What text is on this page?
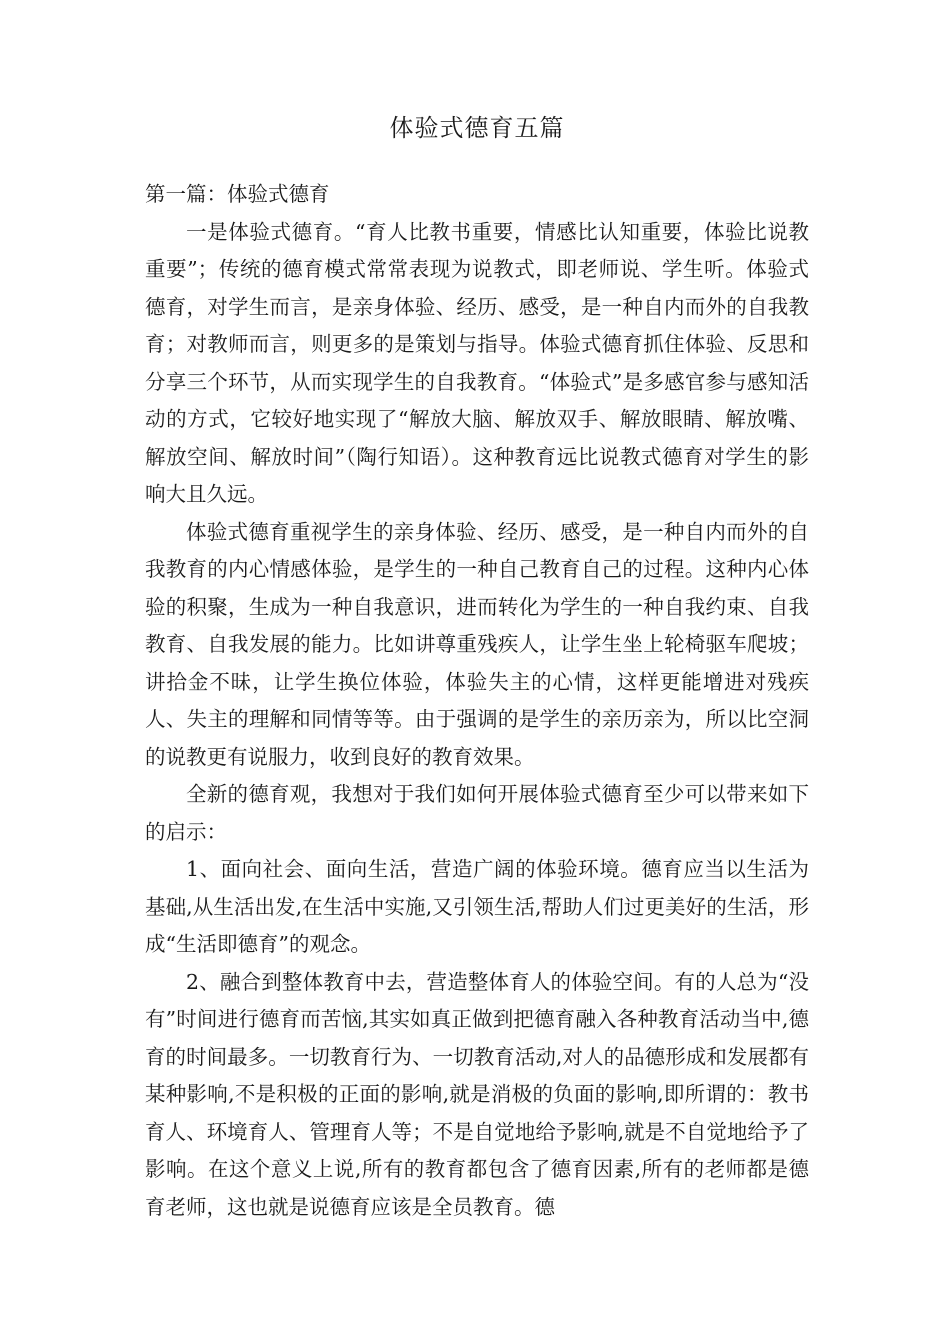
体验式德育五篇

第一篇：体验式德育

一是体验式德育。“育人比教书重要，情感比认知重要，体验比说教重要”；传统的德育模式常常表现为说教式，即老师说、学生听。体验式德育，对学生而言，是亲身体验、经历、感受，是一种自内而外的自我教育；对教师而言，则更多的是策划与指导。体验式德育抓住体验、反思和分享三个环节，从而实现学生的自我教育。“体验式”是多感官参与感知活动的方式，它较好地实现了“解放大脑、解放双手、解放眼睛、解放嘴、解放空间、解放时间”（陶行知语）。这种教育远比说教式德育对学生的影响大且久远。

体验式德育重视学生的亲身体验、经历、感受，是一种自内而外的自我教育的内心情感体验，是学生的一种自己教育自己的过程。这种内心体验的积聚，生成为一种自我意识，进而转化为学生的一种自我约束、自我教育、自我发展的能力。比如讲尊重残疾人，让学生坐上轮椅驱车爬坡；讲拾金不昧，让学生换位体验，体验失主的心情，这样更能增进对残疾人、失主的理解和同情等等。由于强调的是学生的亲历亲为，所以比空洞的说教更有说服力，收到良好的教育效果。

全新的德育观，我想对于我们如何开展体验式德育至少可以带来如下的启示：

1、面向社会、面向生活，营造广阔的体验环境。德育应当以生活为基础,从生活出发,在生活中实施,又引领生活,帮助人们过更美好的生活，形成“生活即德育”的观念。

2、融合到整体教育中去，营造整体育人的体验空间。有的人总为“没有”时间进行德育而苦恼,其实如真正做到把德育融入各种教育活动当中,德育的时间最多。一切教育行为、一切教育活动,对人的品德形成和发展都有某种影响,不是积极的正面的影响,就是消极的负面的影响,即所谓的：教书育人、环境育人、管理育人等；不是自觉地给予影响,就是不自觉地给予了影响。在这个意义上说,所有的教育都包含了德育因素,所有的老师都是德育老师，这也就是说德育应该是全员教育。德
